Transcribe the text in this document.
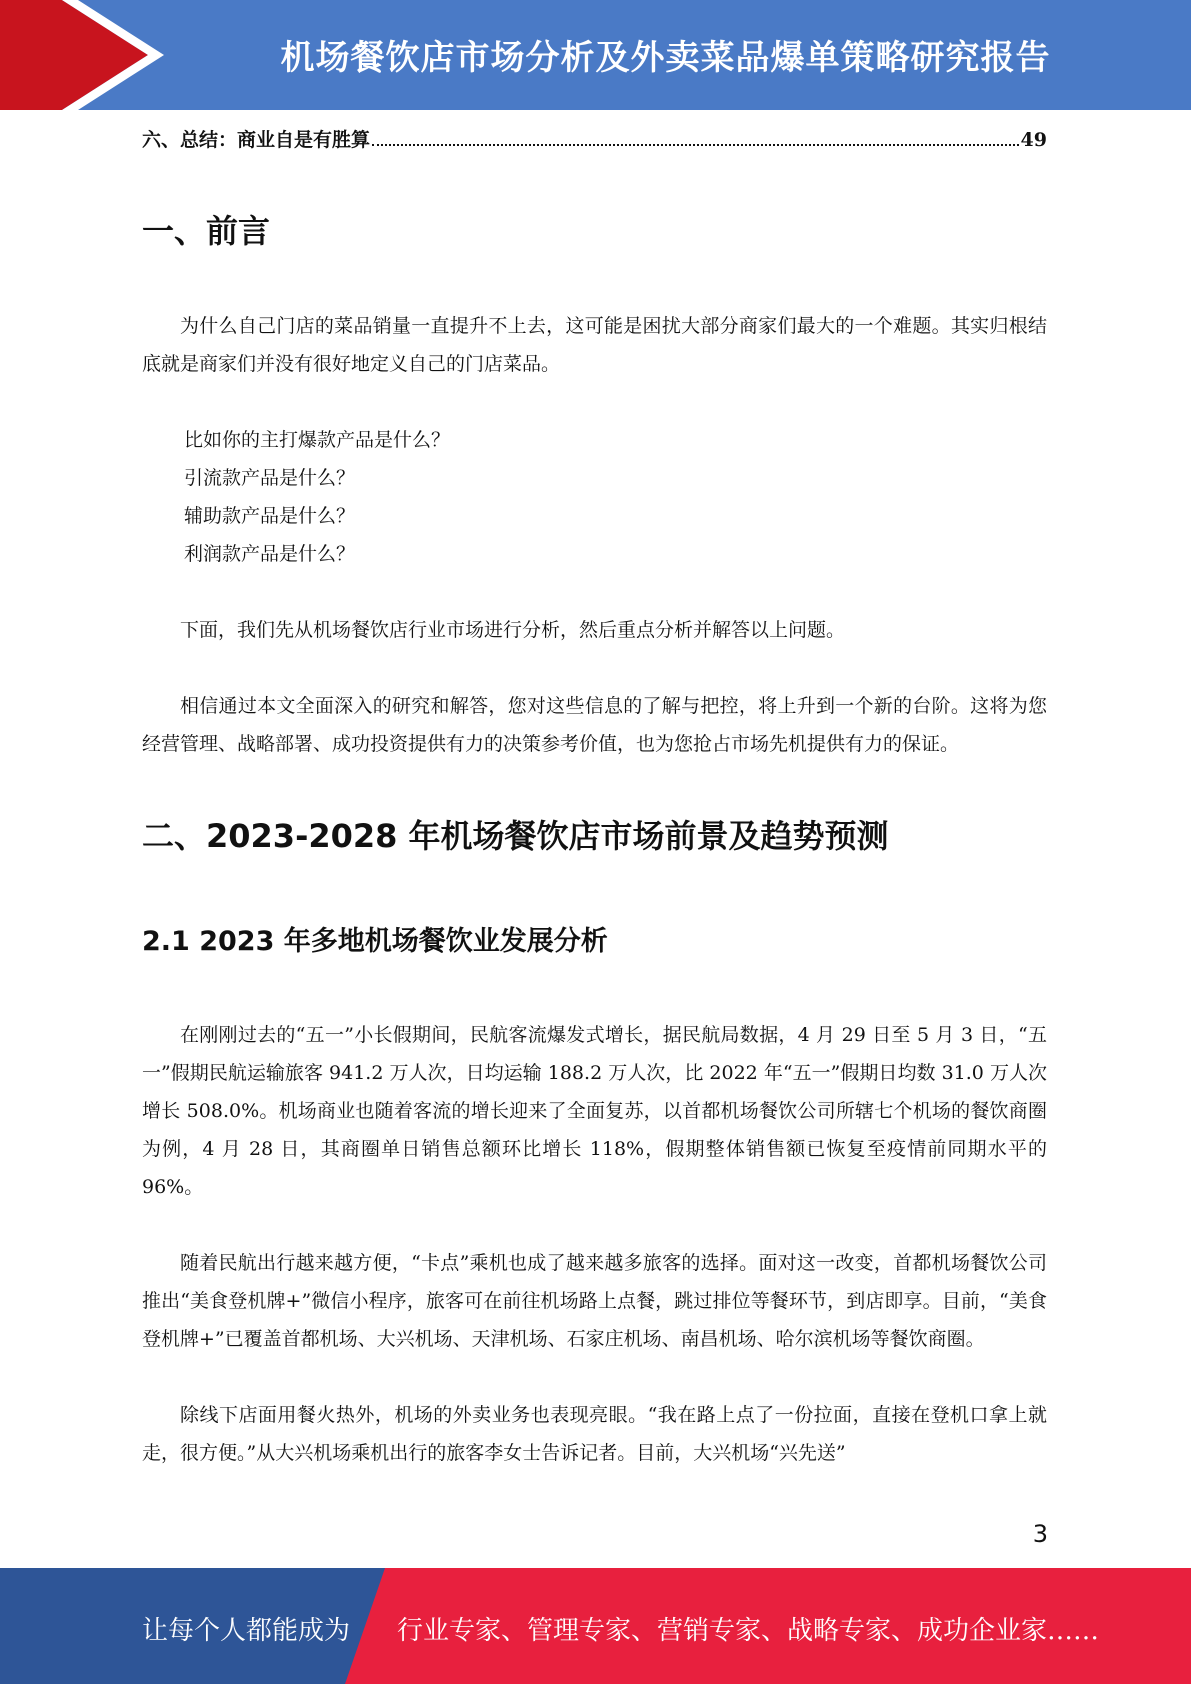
机场餐饮店市场分析及外卖菜品爆单策略研究报告
六、总结：商业自是有胜算	49
一、前言

为什么自己门店的菜品销量一直提升不上去，这可能是困扰大部分商家们最大的一个难题。其实归根结底就是商家们并没有很好地定义自己的门店菜品。

比如你的主打爆款产品是什么？
引流款产品是什么？
辅助款产品是什么？
利润款产品是什么？

下面，我们先从机场餐饮店行业市场进行分析，然后重点分析并解答以上问题。

相信通过本文全面深入的研究和解答，您对这些信息的了解与把控，将上升到一个新的台阶。这将为您经营管理、战略部署、成功投资提供有力的决策参考价值，也为您抢占市场先机提供有力的保证。

二、2023-2028 年机场餐饮店市场前景及趋势预测
2.1 2023 年多地机场餐饮业发展分析

在刚刚过去的“五一”小长假期间，民航客流爆发式增长，据民航局数据，4 月 29 日至 5 月 3 日，“五一”假期民航运输旅客 941.2 万人次，日均运输 188.2 万人次，比 2022 年“五一”假期日均数 31.0 万人次增长 508.0%。机场商业也随着客流的增长迎来了全面复苏，以首都机场餐饮公司所辖七个机场的餐饮商圈为例，4 月 28 日，其商圈单日销售总额环比增长 118%，假期整体销售额已恢复至疫情前同期水平的 96%。

随着民航出行越来越方便，“卡点”乘机也成了越来越多旅客的选择。面对这一改变，首都机场餐饮公司推出“美食登机牌+”微信小程序，旅客可在前往机场路上点餐，跳过排位等餐环节，到店即享。目前，“美食登机牌+”已覆盖首都机场、大兴机场、天津机场、石家庄机场、南昌机场、哈尔滨机场等餐饮商圈。

除线下店面用餐火热外，机场的外卖业务也表现亮眼。“我在路上点了一份拉面，直接在登机口拿上就走，很方便。”从大兴机场乘机出行的旅客李女士告诉记者。目前，大兴机场“兴先送”

3
让每个人都能成为 行业专家、管理专家、营销专家、战略专家、成功企业家……
